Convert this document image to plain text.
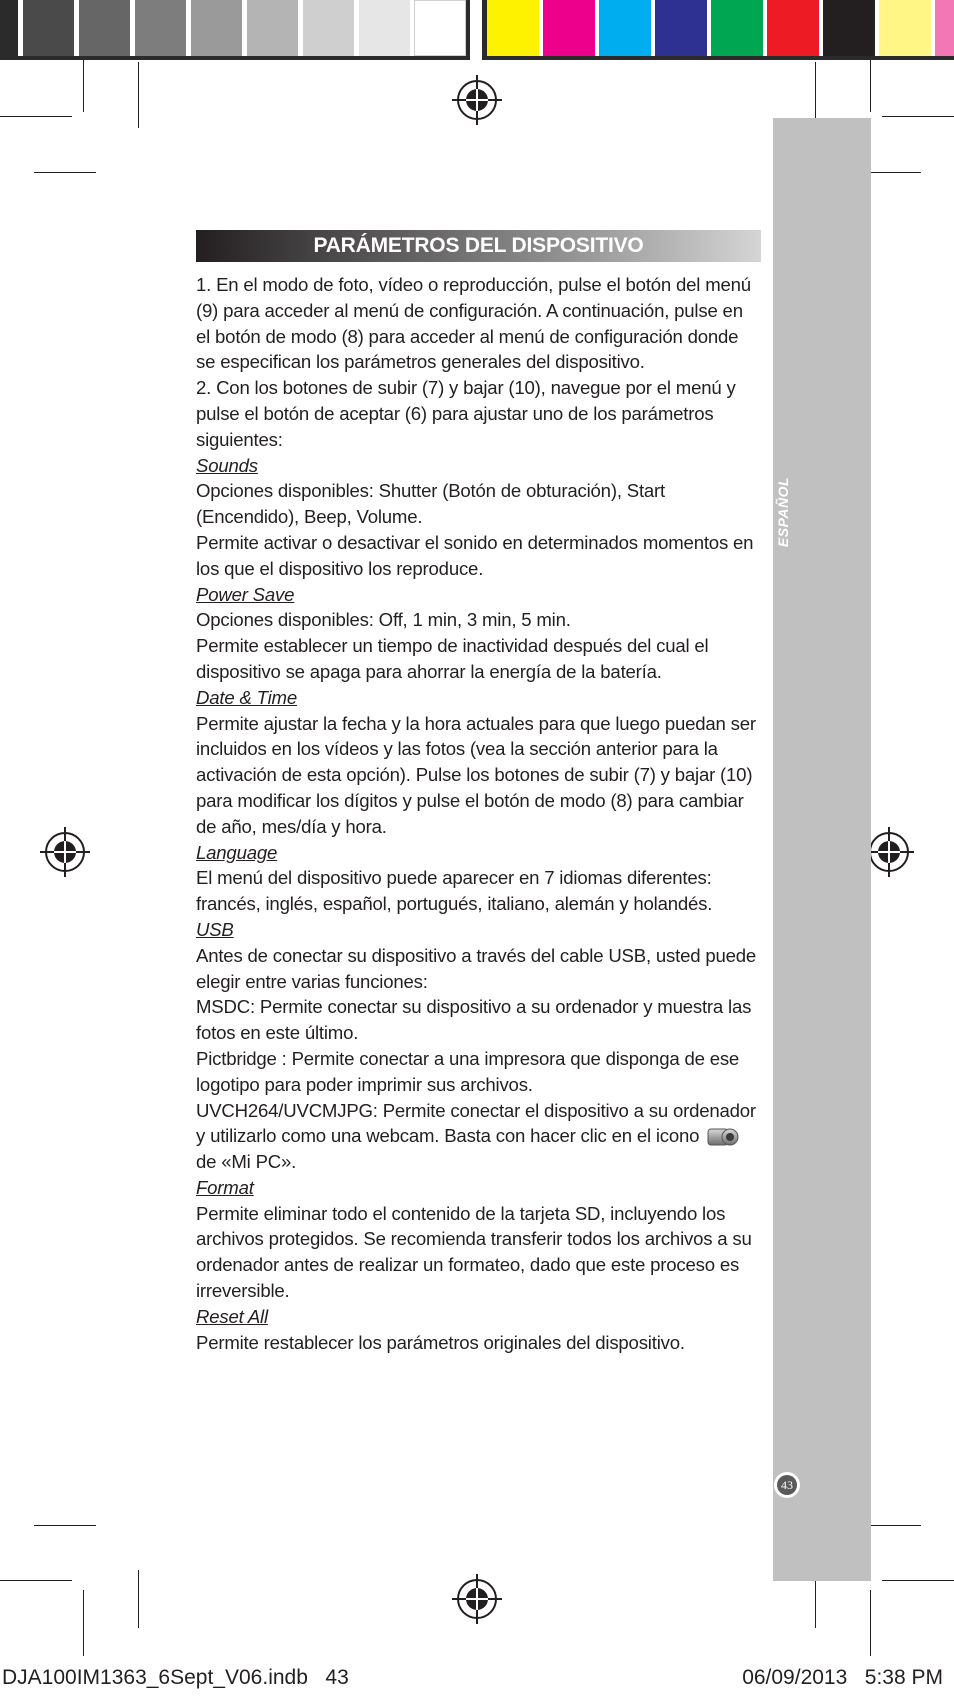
ESPAÑOL
43
PARÁMETROS DEL DISPOSITIVO

1. En el modo de foto, vídeo o reproducción, pulse el botón del menú (9) para acceder al menú de configuración. A continuación, pulse en el botón de modo (8) para acceder al menú de configuración donde se especifican los parámetros generales del dispositivo.

2. Con los botones de subir (7) y bajar (10), navegue por el menú y pulse el botón de aceptar (6) para ajustar uno de los parámetros siguientes:

Sounds

Opciones disponibles: Shutter (Botón de obturación), Start (Encendido), Beep, Volume.

Permite activar o desactivar el sonido en determinados momentos en los que el dispositivo los reproduce.

Power Save

Opciones disponibles: Off, 1 min, 3 min, 5 min.

Permite establecer un tiempo de inactividad después del cual el dispositivo se apaga para ahorrar la energía de la batería.

Date & Time

Permite ajustar la fecha y la hora actuales para que luego puedan ser incluidos en los vídeos y las fotos (vea la sección anterior para la activación de esta opción). Pulse los botones de subir (7) y bajar (10) para modificar los dígitos y pulse el botón de modo (8) para cambiar de año, mes/día y hora.

Language

El menú del dispositivo puede aparecer en 7 idiomas diferentes: francés, inglés, español, portugués, italiano, alemán y holandés.

USB

Antes de conectar su dispositivo a través del cable USB, usted puede elegir entre varias funciones:

MSDC: Permite conectar su dispositivo a su ordenador y muestra las fotos en este último.

Pictbridge : Permite conectar a una impresora que disponga de ese logotipo para poder imprimir sus archivos.

UVCH264/UVCMJPG: Permite conectar el dispositivo a su ordenador y utilizarlo como una webcam. Basta con hacer clic en el icono  de «Mi PC».

Format

Permite eliminar todo el contenido de la tarjeta SD, incluyendo los archivos protegidos. Se recomienda transferir todos los archivos a su ordenador antes de realizar un formateo, dado que este proceso es irreversible.

Reset All

Permite restablecer los parámetros originales del dispositivo.

DJA100IM1363_6Sept_V06.indb   43	06/09/2013   5:38 PM
